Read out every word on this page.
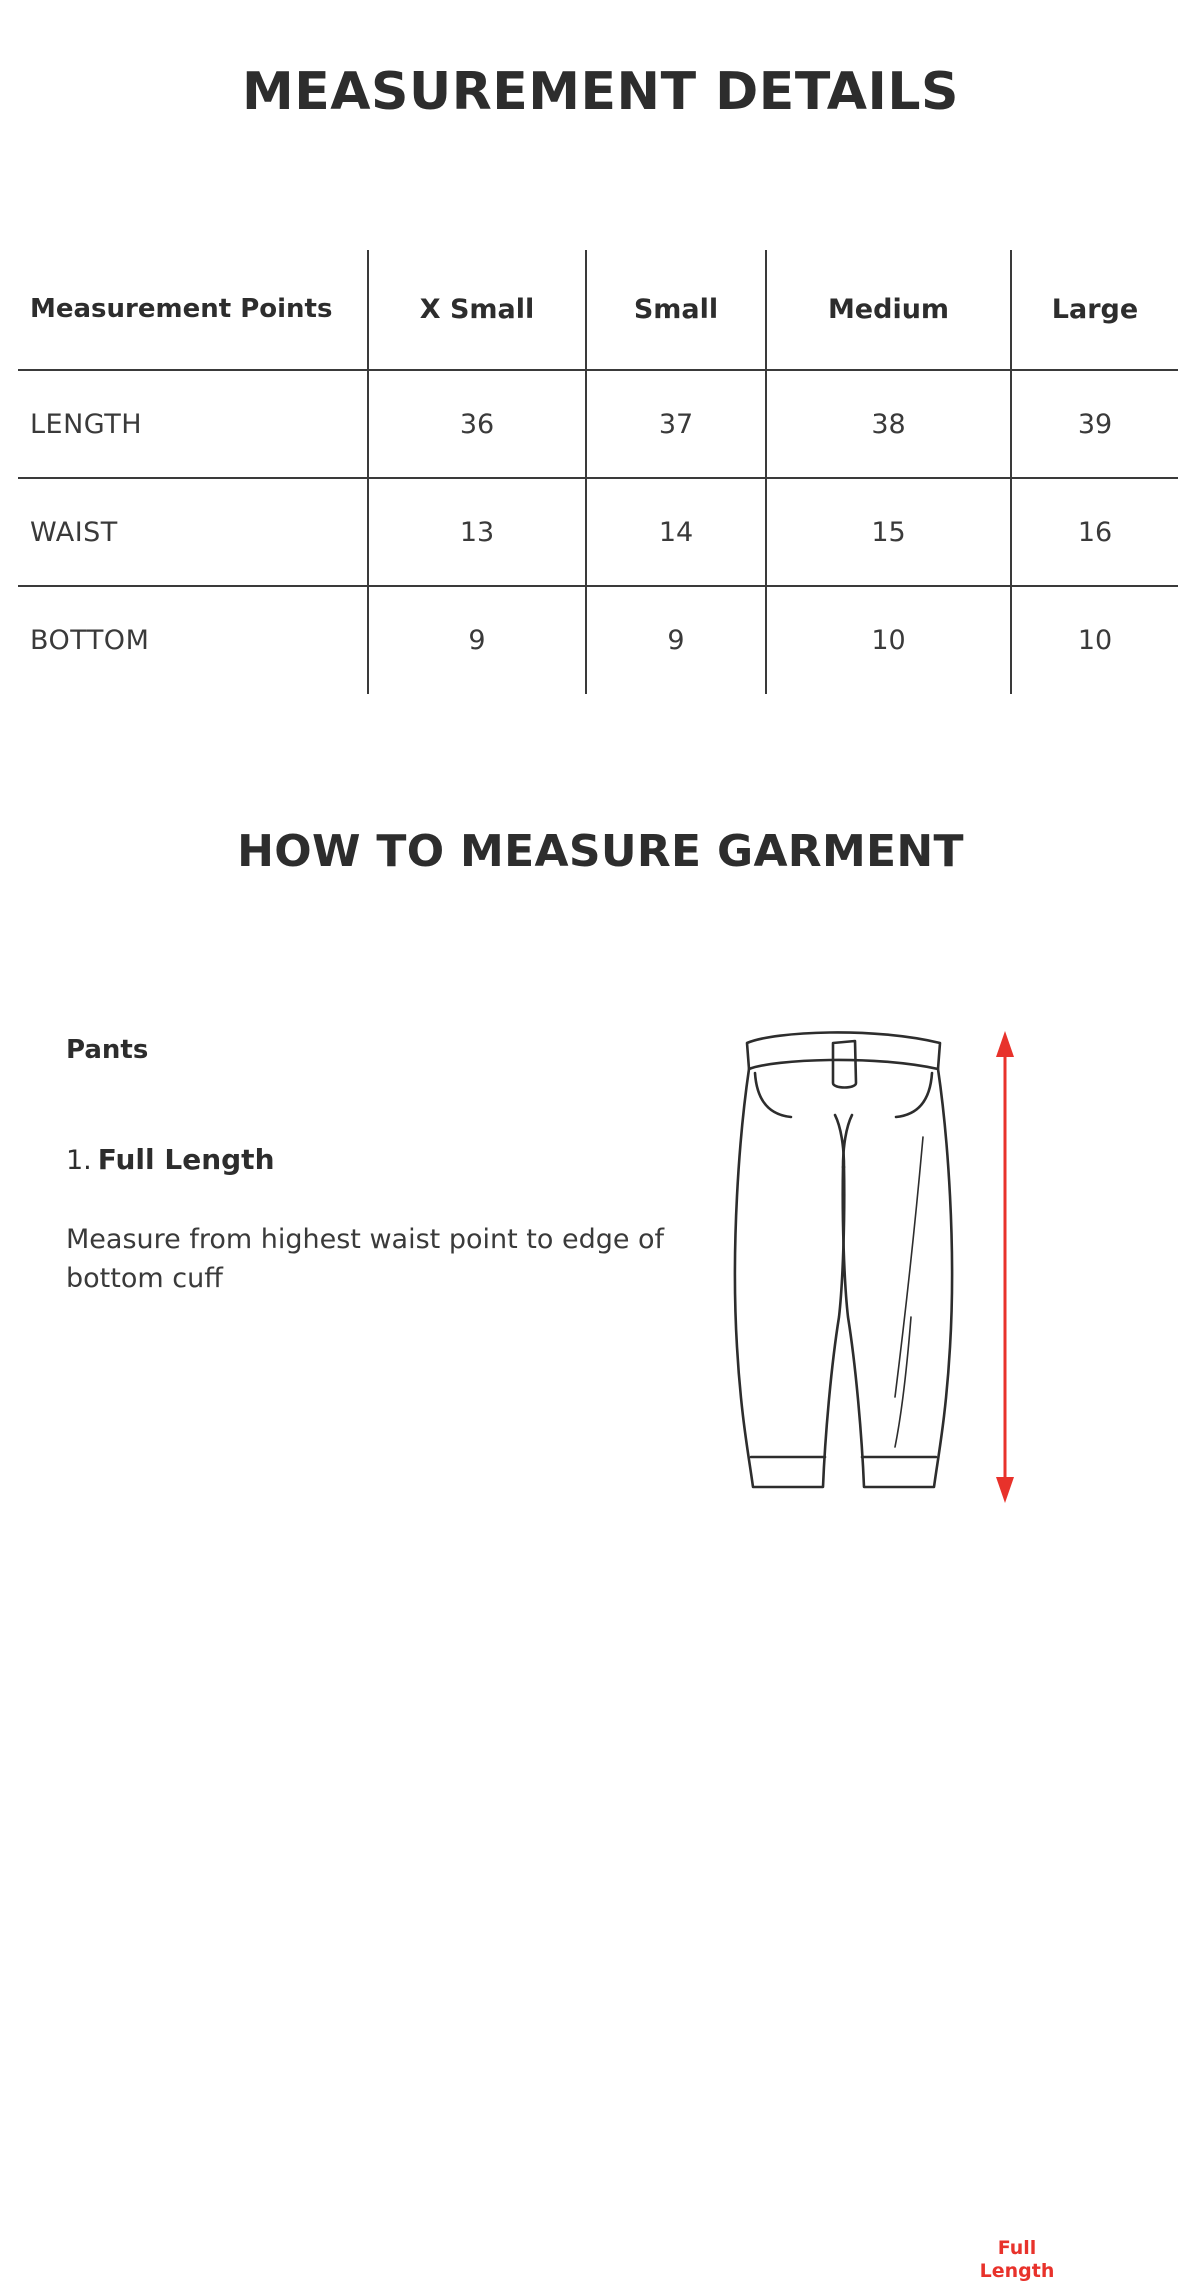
MEASUREMENT DETAILS
Measurement Points	X Small	Small	Medium	Large
LENGTH	36	37	38	39
WAIST	13	14	15	16
BOTTOM	9	9	10	10
HOW TO MEASURE GARMENT

Pants

1. Full Length

Measure from highest waist point to edge of bottom cuff

Full
Length
